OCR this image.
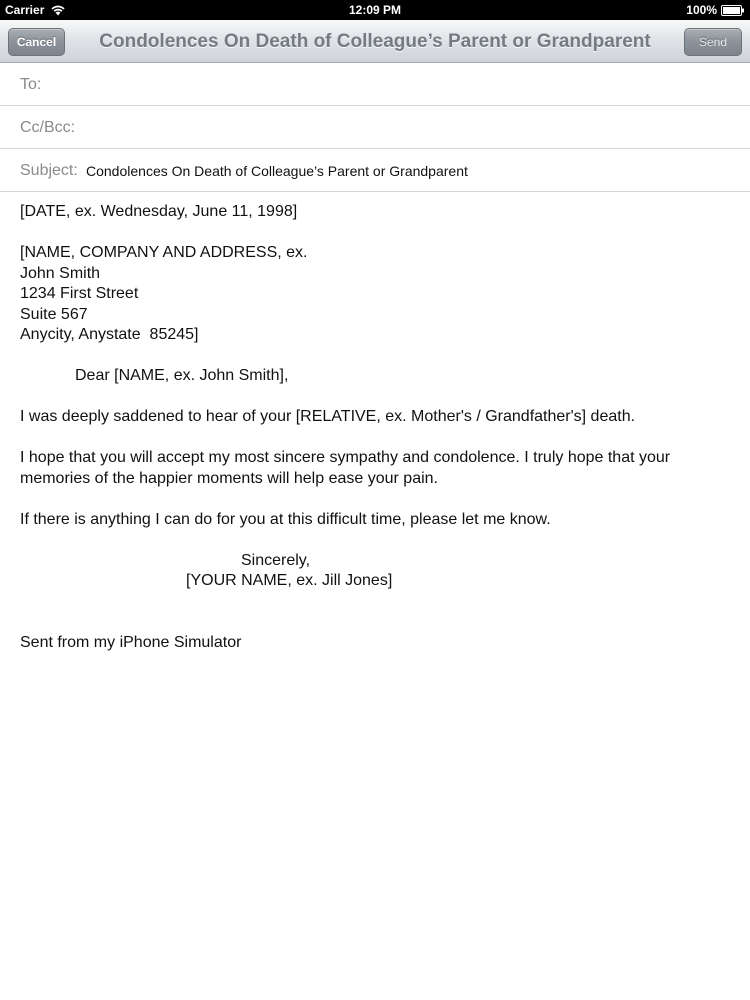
Carrier	12:09 PM	100%
Cancel	Condolences On Death of Colleague’s Parent or Grandparent	Send
To:
Cc/Bcc:
Subject: Condolences On Death of Colleague’s Parent or Grandparent

[DATE, ex. Wednesday, June 11, 1998]

[NAME, COMPANY AND ADDRESS, ex.

John Smith

1234 First Street

Suite 567

Anycity, Anystate  85245]

Dear [NAME, ex. John Smith],

I was deeply saddened to hear of your [RELATIVE, ex. Mother's / Grandfather's] death.

I hope that you will accept my most sincere sympathy and condolence. I truly hope that your

memories of the happier moments will help ease your pain.

If there is anything I can do for you at this difficult time, please let me know.

Sincerely,

[YOUR NAME, ex. Jill Jones]

Sent from my iPhone Simulator
